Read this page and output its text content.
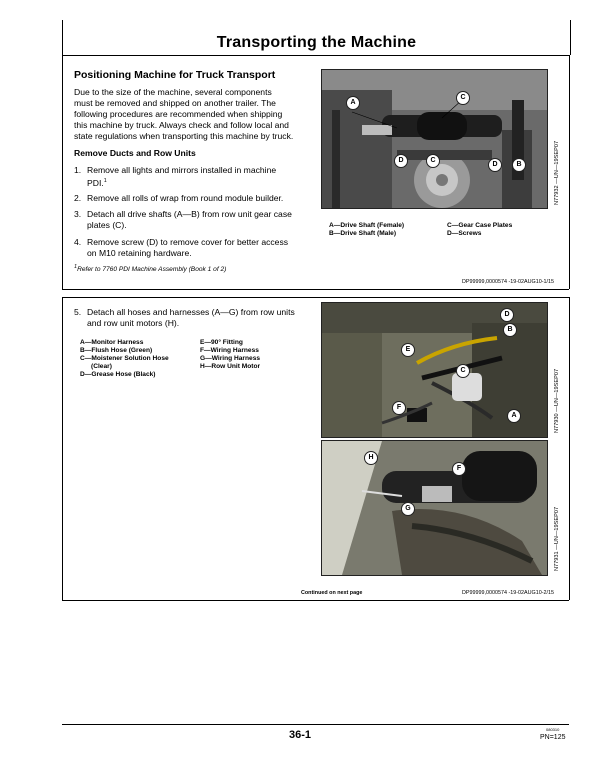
Transporting the Machine
Positioning Machine for Truck Transport
Due to the size of the machine, several components
must be removed and shipped on another trailer. The
following procedures are recommended when shipping
this machine by truck. Always check and follow local and
state regulations when transporting this machine by truck.
Remove Ducts and Row Units
1. Remove all lights and mirrors installed in machine
PDI.$^1$
2. Remove all rolls of wrap from round module builder.
3. Detach all drive shafts (A—B) from row unit gear case
plates (C).
4. Remove screw (D) to remove cover for better access
on M10 retaining hardware.
$^1$Refer to 7760 PDI Machine Assembly (Book 1 of 2)
A
C
D	C
D	B	N77932 —UN—19SEP07
A—Drive Shaft (Female)
B—Drive Shaft (Male)
C—Gear Case Plates
D—Screws
DP99999,0000574 -19-02AUG10-1/15
5. Detach all hoses and harnesses (A—G) from row units
and row unit motors (H).
A—Monitor Harness
B—Flush Hose (Green)
C—Moistener Solution Hose
(Clear)
D—Grease Hose (Black)
E—90° Fitting
F—Wiring Harness
G—Wiring Harness
H—Row Unit Motor
D
B
E
C
F
A	N77930 —UN—19SEP07
H
F
G	N77931 —UN—19SEP07
Continued on next page	DP99999,0000574 -19-02AUG10-2/15
36-1	080310
PN=125
